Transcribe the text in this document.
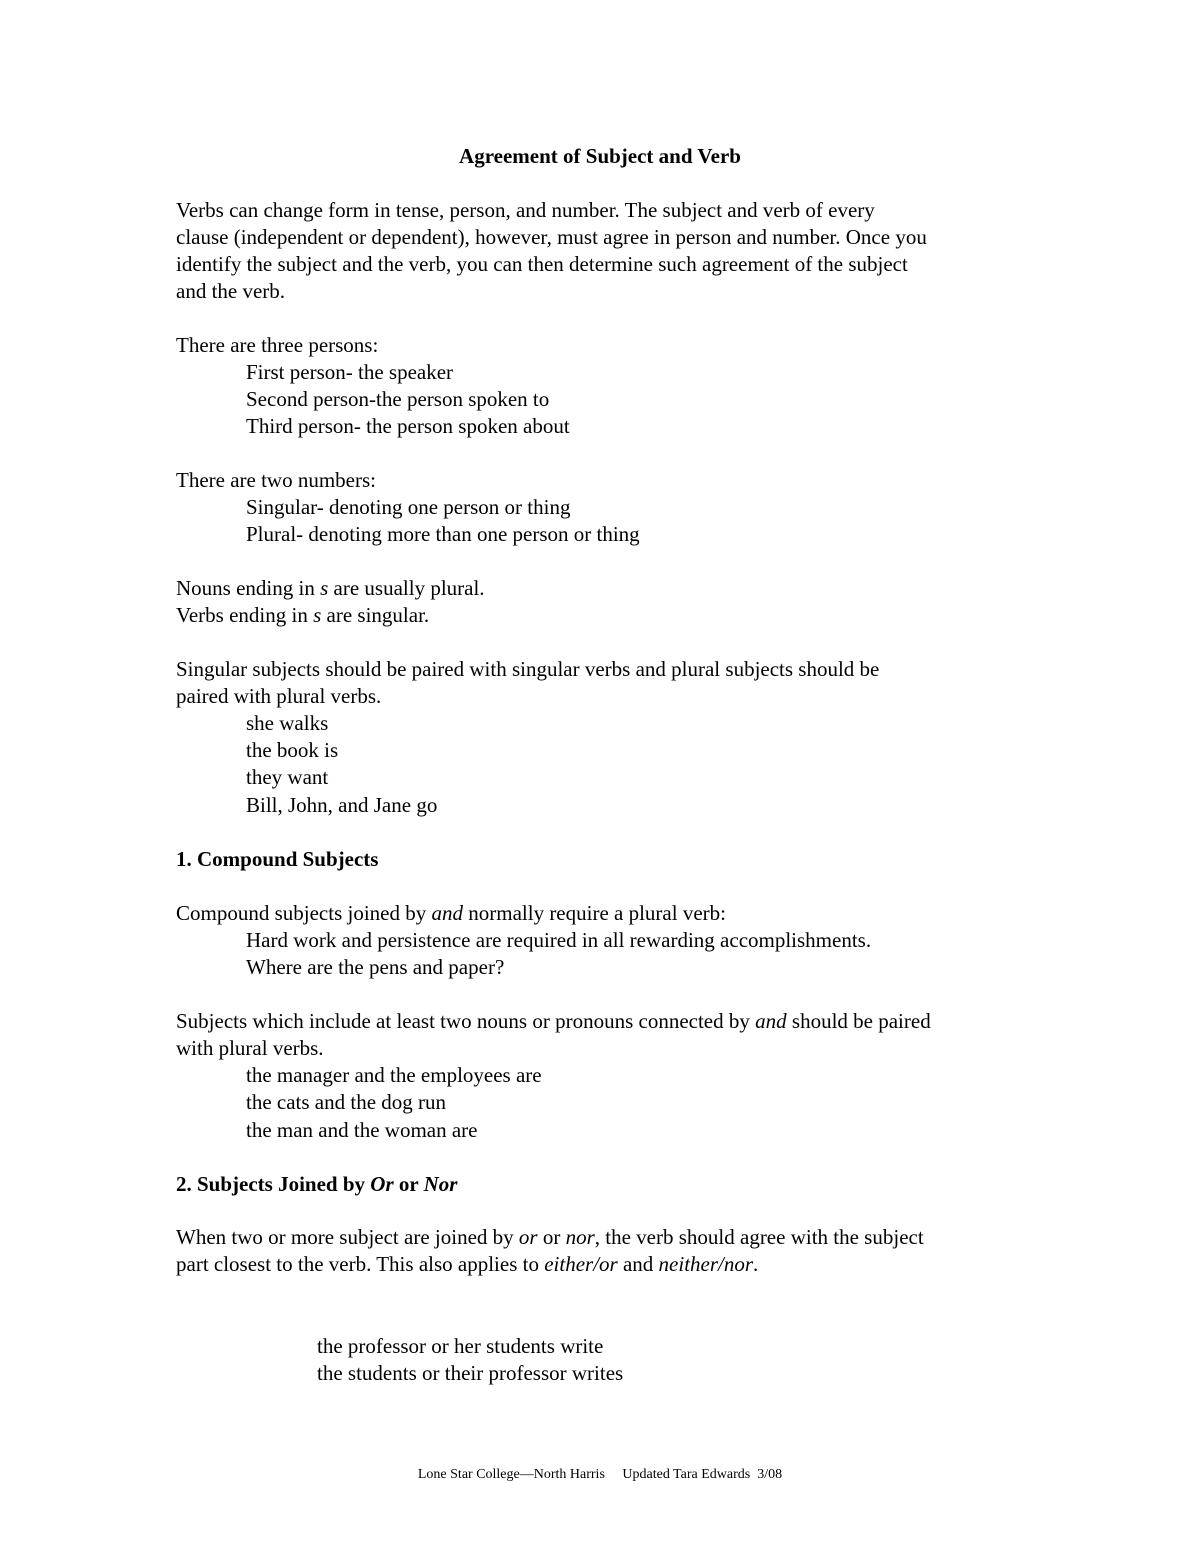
Agreement of Subject and Verb
Verbs can change form in tense, person, and number. The subject and verb of every
clause (independent or dependent), however, must agree in person and number. Once you
identify the subject and the verb, you can then determine such agreement of the subject
and the verb.
There are three persons:
First person- the speaker
Second person-the person spoken to
Third person- the person spoken about
There are two numbers:
Singular- denoting one person or thing
Plural- denoting more than one person or thing
Nouns ending in s are usually plural.
Verbs ending in s are singular.
Singular subjects should be paired with singular verbs and plural subjects should be
paired with plural verbs.
she walks
the book is
they want
Bill, John, and Jane go
1. Compound Subjects
Compound subjects joined by and normally require a plural verb:
Hard work and persistence are required in all rewarding accomplishments.
Where are the pens and paper?
Subjects which include at least two nouns or pronouns connected by and should be paired
with plural verbs.
the manager and the employees are
the cats and the dog run
the man and the woman are
2. Subjects Joined by Or or Nor
When two or more subject are joined by or or nor, the verb should agree with the subject
part closest to the verb. This also applies to either/or and neither/nor.
the professor or her students write
the students or their professor writes
Lone Star College—North Harris     Updated Tara Edwards  3/08
